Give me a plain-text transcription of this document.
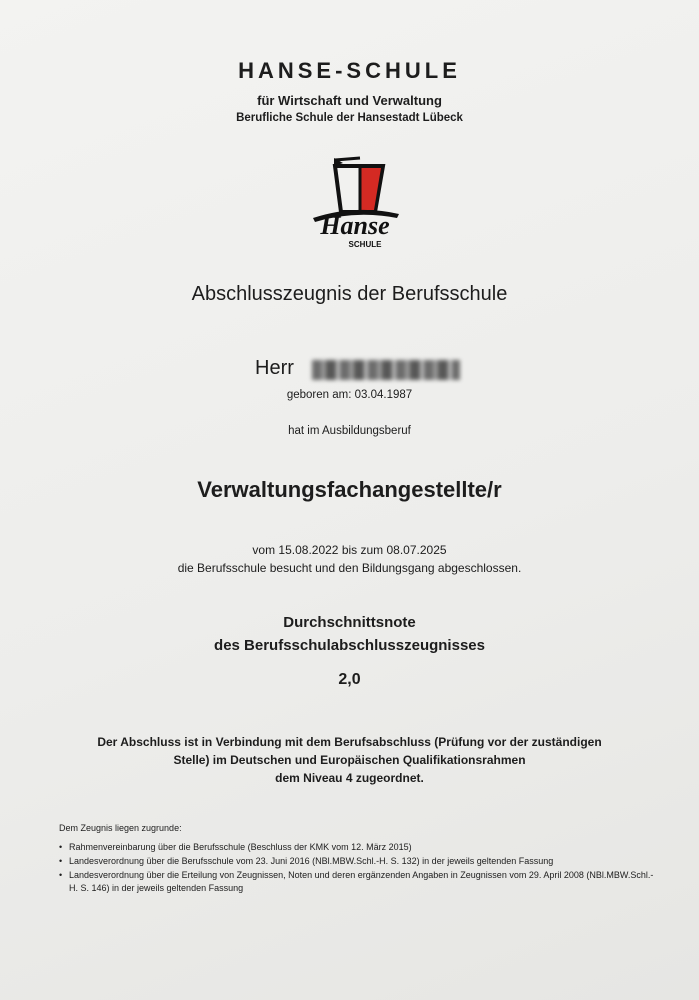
HANSE-SCHULE
für Wirtschaft und Verwaltung
Berufliche Schule der Hansestadt Lübeck
Hanse
SCHULE
Abschlusszeugnis der Berufsschule
Herr
geboren am: 03.04.1987
hat im Ausbildungsberuf
Verwaltungsfachangestellte/r
vom 15.08.2022 bis zum 08.07.2025
die Berufsschule besucht und den Bildungsgang abgeschlossen.
Durchschnittsnote
des Berufsschulabschlusszeugnisses
2,0
Der Abschluss ist in Verbindung mit dem Berufsabschluss (Prüfung vor der zuständigen
Stelle) im Deutschen und Europäischen Qualifikationsrahmen
dem Niveau 4 zugeordnet.
Dem Zeugnis liegen zugrunde:
• Rahmenvereinbarung über die Berufsschule (Beschluss der KMK vom 12. März 2015)
• Landesverordnung über die Berufsschule vom 23. Juni 2016 (NBl.MBW.Schl.-H. S. 132) in der jeweils geltenden Fassung
• Landesverordnung über die Erteilung von Zeugnissen, Noten und deren ergänzenden Angaben in Zeugnissen vom 29. April 2008 (NBl.MBW.Schl.-H. S. 146) in der jeweils geltenden Fassung
